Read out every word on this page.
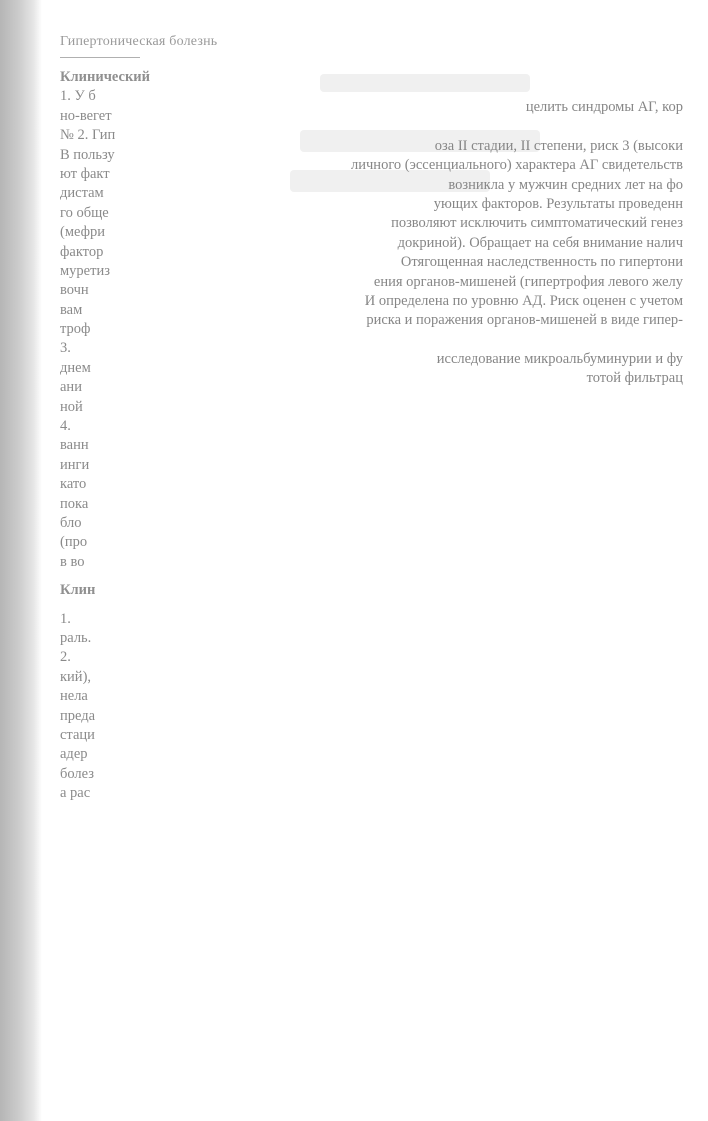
Гипертоническая болезнь
Клинический
1. У б
но-вегет
№ 2. Гип
В пользу
ют факт
дистам
го обще
(мефри
фактор
муретиз
вочн
вам
троф
3.
днем
ани
ной
4.
ванн
инги
като
пока
бло
(про
в во
Клин
1.
раль.
2.
кий),
нела
преда
стаци
адер
болез
а рас
целить синдромы АГ, кор
оза II стадии, II степени, риск 3 (высоки
личного (эссенциального) характера АГ свидетельств
возникла у мужчин средних лет на фо
ующих факторов. Результаты проведенн
позволяют исключить симптоматический генез
докриной). Обращает на себя внимание налич
Отягощенная наследственность по гипертони
ения органов-мишеней (гипертрофия левого желу
И определена по уровню АД. Риск оценен с учетом
риска и поражения органов-мишеней в виде гипер-
исследование микроальбуминурии и фу
тотой фильтрац
